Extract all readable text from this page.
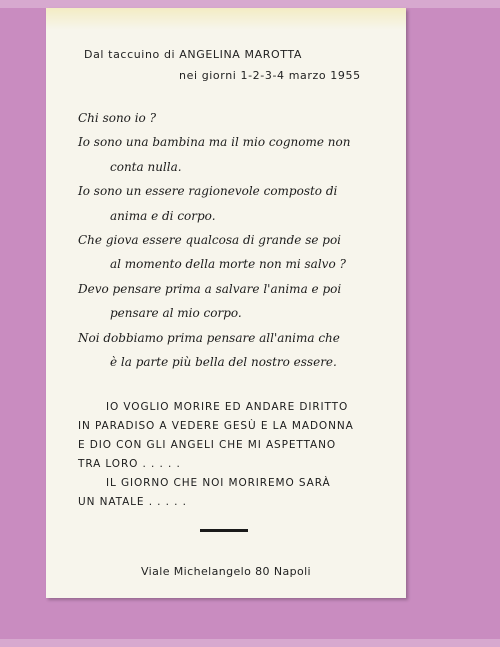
Dal taccuino di ANGELINA MAROTTA
nei giorni 1-2-3-4 marzo 1955
Chi sono io ?
Io sono una bambina ma il mio cognome non
conta nulla.
Io sono un essere ragionevole composto di
anima e di corpo.
Che giova essere qualcosa di grande se poi
al momento della morte non mi salvo ?
Devo pensare prima a salvare l'anima e poi
pensare al mio corpo.
Noi dobbiamo prima pensare all'anima che
è la parte più bella del nostro essere.
IO VOGLIO MORIRE ED ANDARE DIRITTO
IN PARADISO A VEDERE GESÙ E LA MADONNA
E DIO CON GLI ANGELI CHE MI ASPETTANO
TRA LORO . . . . .
IL GIORNO CHE NOI MORIREMO SARÀ
UN NATALE . . . . .
Viale Michelangelo 80 Napoli
